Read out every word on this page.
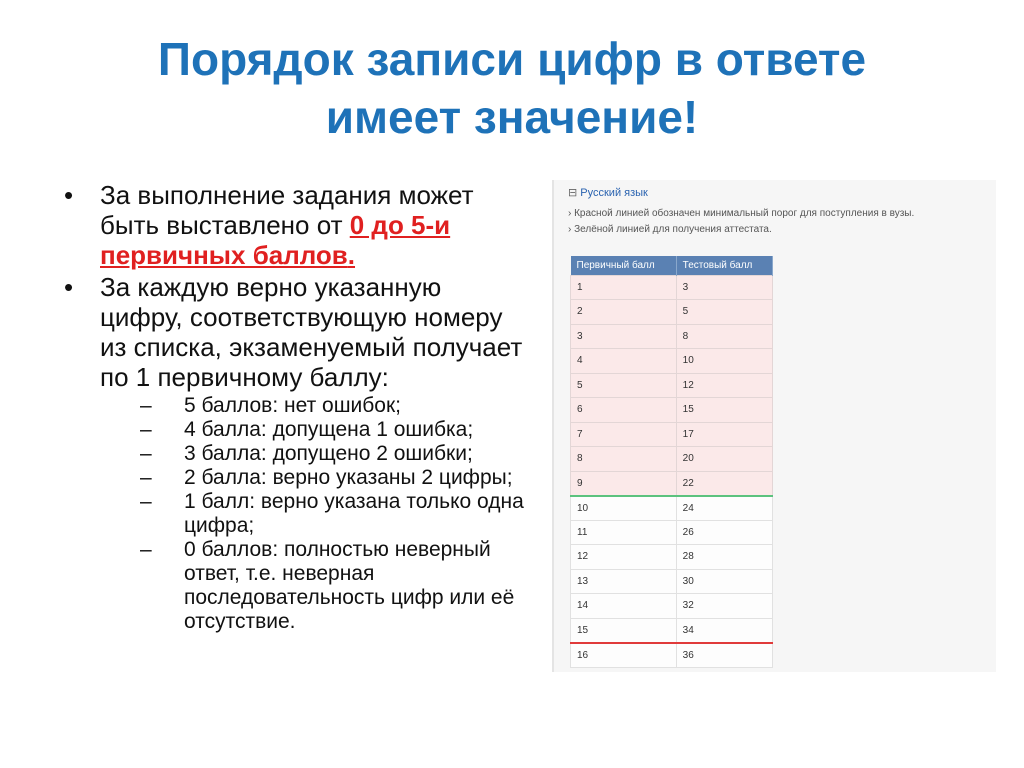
Порядок записи цифр в ответе
имеет значение!
• За выполнение задания может быть выставлено от 0 до 5-и первичных баллов.
• За каждую верно указанную цифру, соответствующую номеру из списка, экзаменуемый получает по 1 первичному баллу:
– 5 баллов: нет ошибок;
– 4 балла: допущена 1 ошибка;
– 3 балла: допущено 2 ошибки;
– 2 балла: верно указаны 2 цифры;
– 1 балл: верно указана только одна цифра;
– 0 баллов: полностью неверный ответ, т.е. неверная последовательность цифр или её отсутствие.
⊟ Русский язык
› Красной линией обозначен минимальный порог для поступления в вузы.
› Зелёной линией для получения аттестата.
Первичный балл	Тестовый балл
1	3
2	5
3	8
4	10
5	12
6	15
7	17
8	20
9	22
10	24
11	26
12	28
13	30
14	32
15	34
16	36
